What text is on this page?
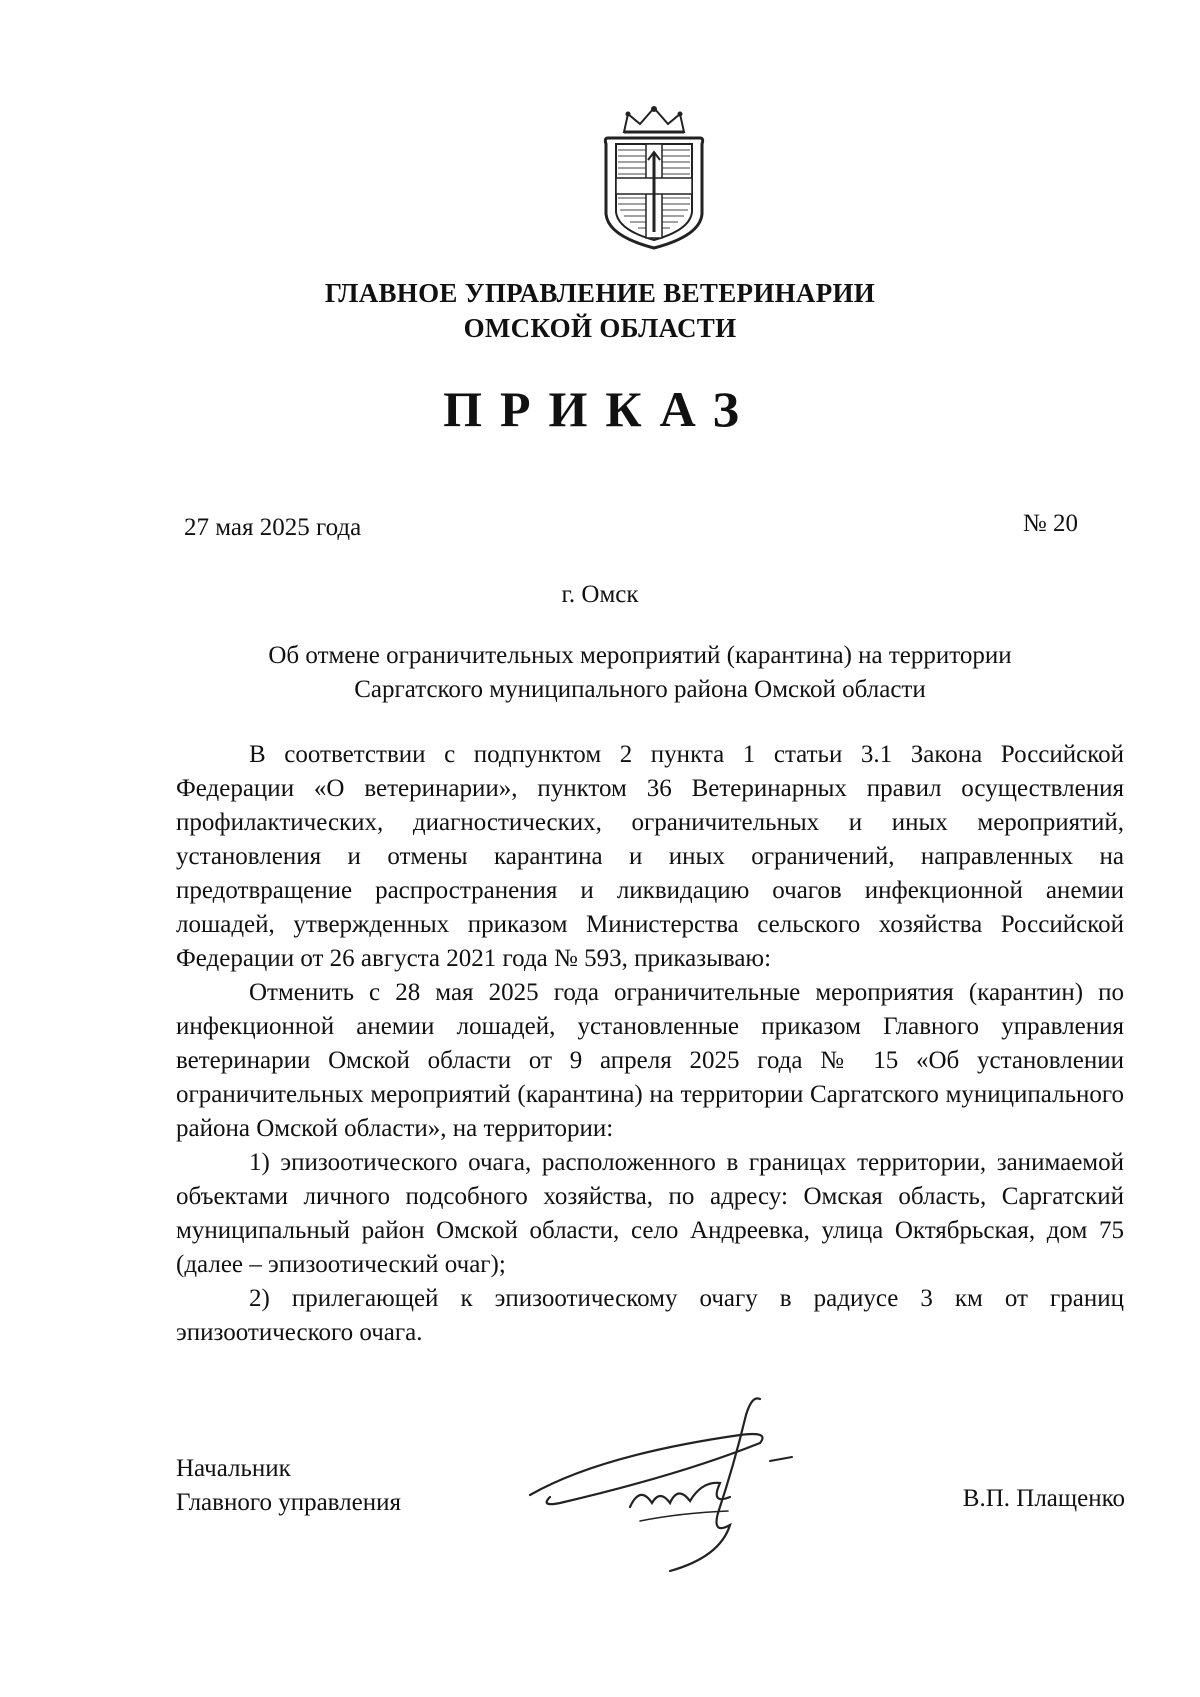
ГЛАВНОЕ УПРАВЛЕНИЕ ВЕТЕРИНАРИИ
ОМСКОЙ ОБЛАСТИ
ПРИКАЗ
27 мая 2025 года	№ 20
г. Омск
Об отмене ограничительных мероприятий (карантина) на территории
Саргатского муниципального района Омской области

В соответствии с подпунктом 2 пункта 1 статьи 3.1 Закона Российской Федерации «О ветеринарии», пунктом 36 Ветеринарных правил осуществления профилактических, диагностических, ограничительных и иных мероприятий, установления и отмены карантина и иных ограничений, направленных на предотвращение распространения и ликвидацию очагов инфекционной анемии лошадей, утвержденных приказом Министерства сельского хозяйства Российской Федерации от 26 августа 2021 года № 593, приказываю:

Отменить с 28 мая 2025 года ограничительные мероприятия (карантин) по инфекционной анемии лошадей, установленные приказом Главного управления ветеринарии Омской области от 9 апреля 2025 года № 15 «Об установлении ограничительных мероприятий (карантина) на территории Саргатского муниципального района Омской области», на территории:

1) эпизоотического очага, расположенного в границах территории, занимаемой объектами личного подсобного хозяйства, по адресу: Омская область, Саргатский муниципальный район Омской области, село Андреевка, улица Октябрьская, дом 75 (далее – эпизоотический очаг);

2) прилегающей к эпизоотическому очагу в радиусе 3 км от границ эпизоотического очага.

Начальник
Главного управления	В.П. Плащенко
